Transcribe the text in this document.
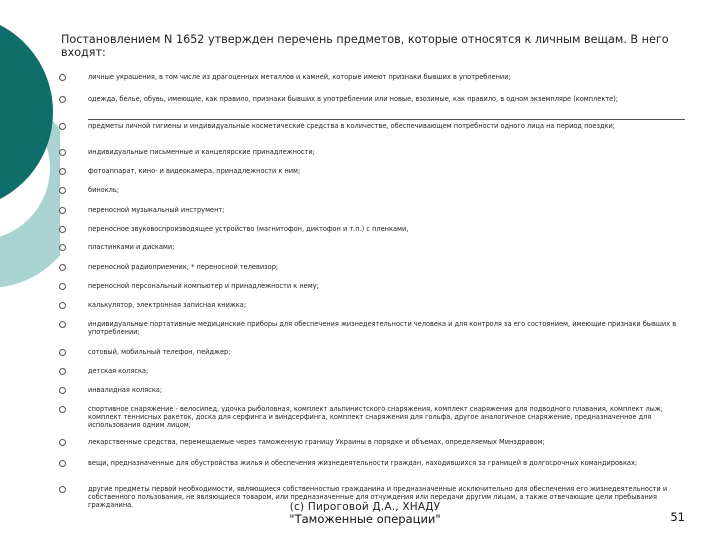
Постановлением N 1652 утвержден перечень предметов, которые относятся к личным вещам. В него входят:
личные украшения, в том числе из драгоценных металлов и камней, которые имеют признаки бывших в употреблении;
одежда, белье, обувь, имеющие, как правило, признаки бывших в употреблении или новые, взозимые, как правило, в одном экземпляре (комплекте);
предметы личной гигиены и индивидуальные косметические средства в количестве, обеспечивающем потребности одного лица на период поездки;
индивидуальные письменные и канцелярские принадлежности;
фотоаппарат, кино- и видеокамера, принадлежности к ним;
бинокль;
переносной музыкальный инструмент;
переносное звуковоспроизводящее устройство (магнитофон, диктофон и т.п.) с пленками,
пластинками и дисками;
переносной радиоприемник; * переносной телевизор;
переносной персональный компьютер и принадлежности к нему;
калькулятор, электронная записная книжка;
индивидуальные портативные медицинские приборы для обеспечения жизнедеятельности человека и для контроля за его состоянием, имеющие признаки бывших в употреблении;
сотовый, мобильный телефон, пейджер;
детская коляска;
инвалидная коляска;
спортивное снаряжение - велосипед, удочка рыболовная, комплект альпинистского снаряжения, комплект снаряжения для подводного плавания, комплект лыж, комплект теннисных ракеток, доска для серфинга и виндсерфинга, комплект снаряжения для гольфа, другое аналогичное снаряжение, предназначенное для использования одним лицом;
лекарственные средства, перемещаемые через таможенную границу Украины в порядке и объемах, определяемых Минздравом;
вещи, предназначенные для обустройства жилья и обеспечения жизнедеятельности граждан, находившихся за границей в долгосрочных командировках;
другие предметы первой необходимости, являющиеся собственностью гражданина и предназначенные исключительно для обеспечения его жизнедеятельности и собственного пользования, не являющиеся товаром, или предназначенные для отчуждения или передачи другим лицам, а также отвечающие цели пребывания гражданина.	(с) Пироговой Д.А., ХНАДУ
"Таможенные операции"	51
